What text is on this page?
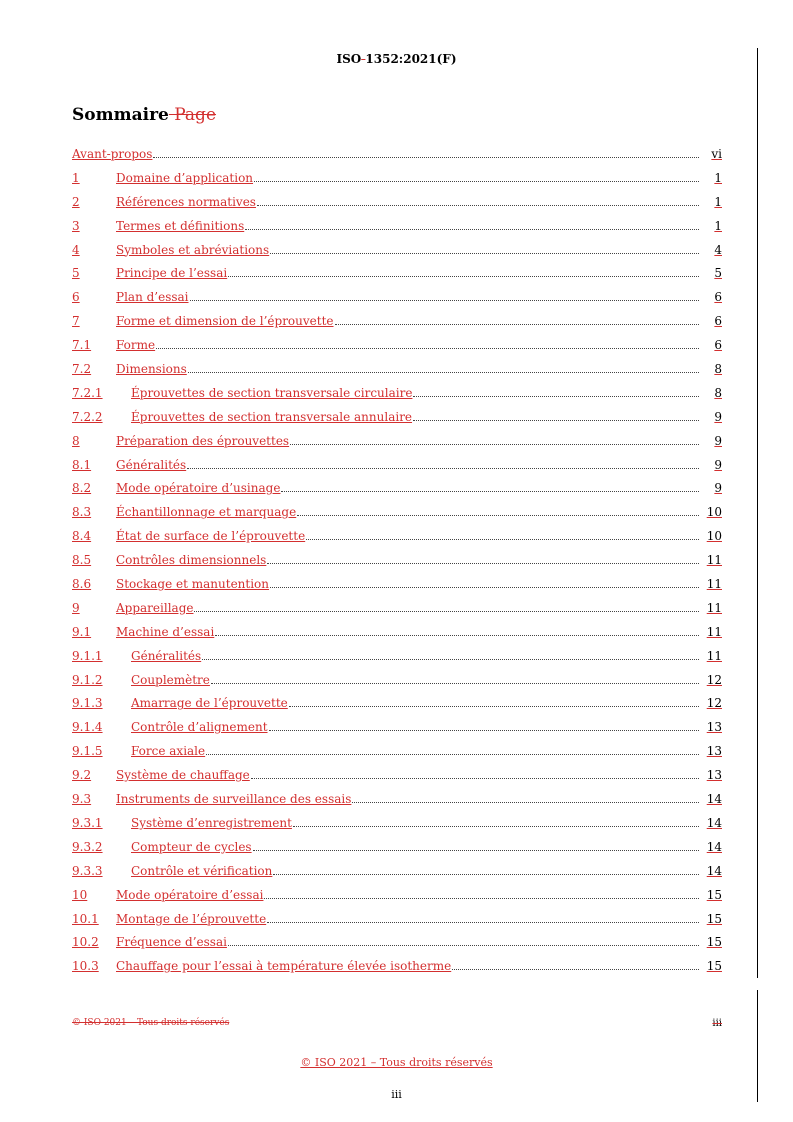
ISO 1352:2021(F)
Sommaire Page
Avant-propos	vi
1	Domaine d’application	1
2	Références normatives	1
3	Termes et définitions	1
4	Symboles et abréviations	4
5	Principe de l’essai	5
6	Plan d’essai	6
7	Forme et dimension de l’éprouvette	6
7.1	Forme	6
7.2	Dimensions	8
7.2.1	Éprouvettes de section transversale circulaire	8
7.2.2	Éprouvettes de section transversale annulaire	9
8	Préparation des éprouvettes	9
8.1	Généralités	9
8.2	Mode opératoire d’usinage	9
8.3	Échantillonnage et marquage	10
8.4	État de surface de l’éprouvette	10
8.5	Contrôles dimensionnels	11
8.6	Stockage et manutention	11
9	Appareillage	11
9.1	Machine d’essai	11
9.1.1	Généralités	11
9.1.2	Couplemètre	12
9.1.3	Amarrage de l’éprouvette	12
9.1.4	Contrôle d’alignement	13
9.1.5	Force axiale	13
9.2	Système de chauffage	13
9.3	Instruments de surveillance des essais	14
9.3.1	Système d’enregistrement	14
9.3.2	Compteur de cycles	14
9.3.3	Contrôle et vérification	14
10	Mode opératoire d’essai	15
10.1	Montage de l’éprouvette	15
10.2	Fréquence d’essai	15
10.3	Chauffage pour l’essai à température élevée isotherme	15
© ISO 2021 – Tous droits réservés	iii
© ISO 2021 – Tous droits réservés
iii
